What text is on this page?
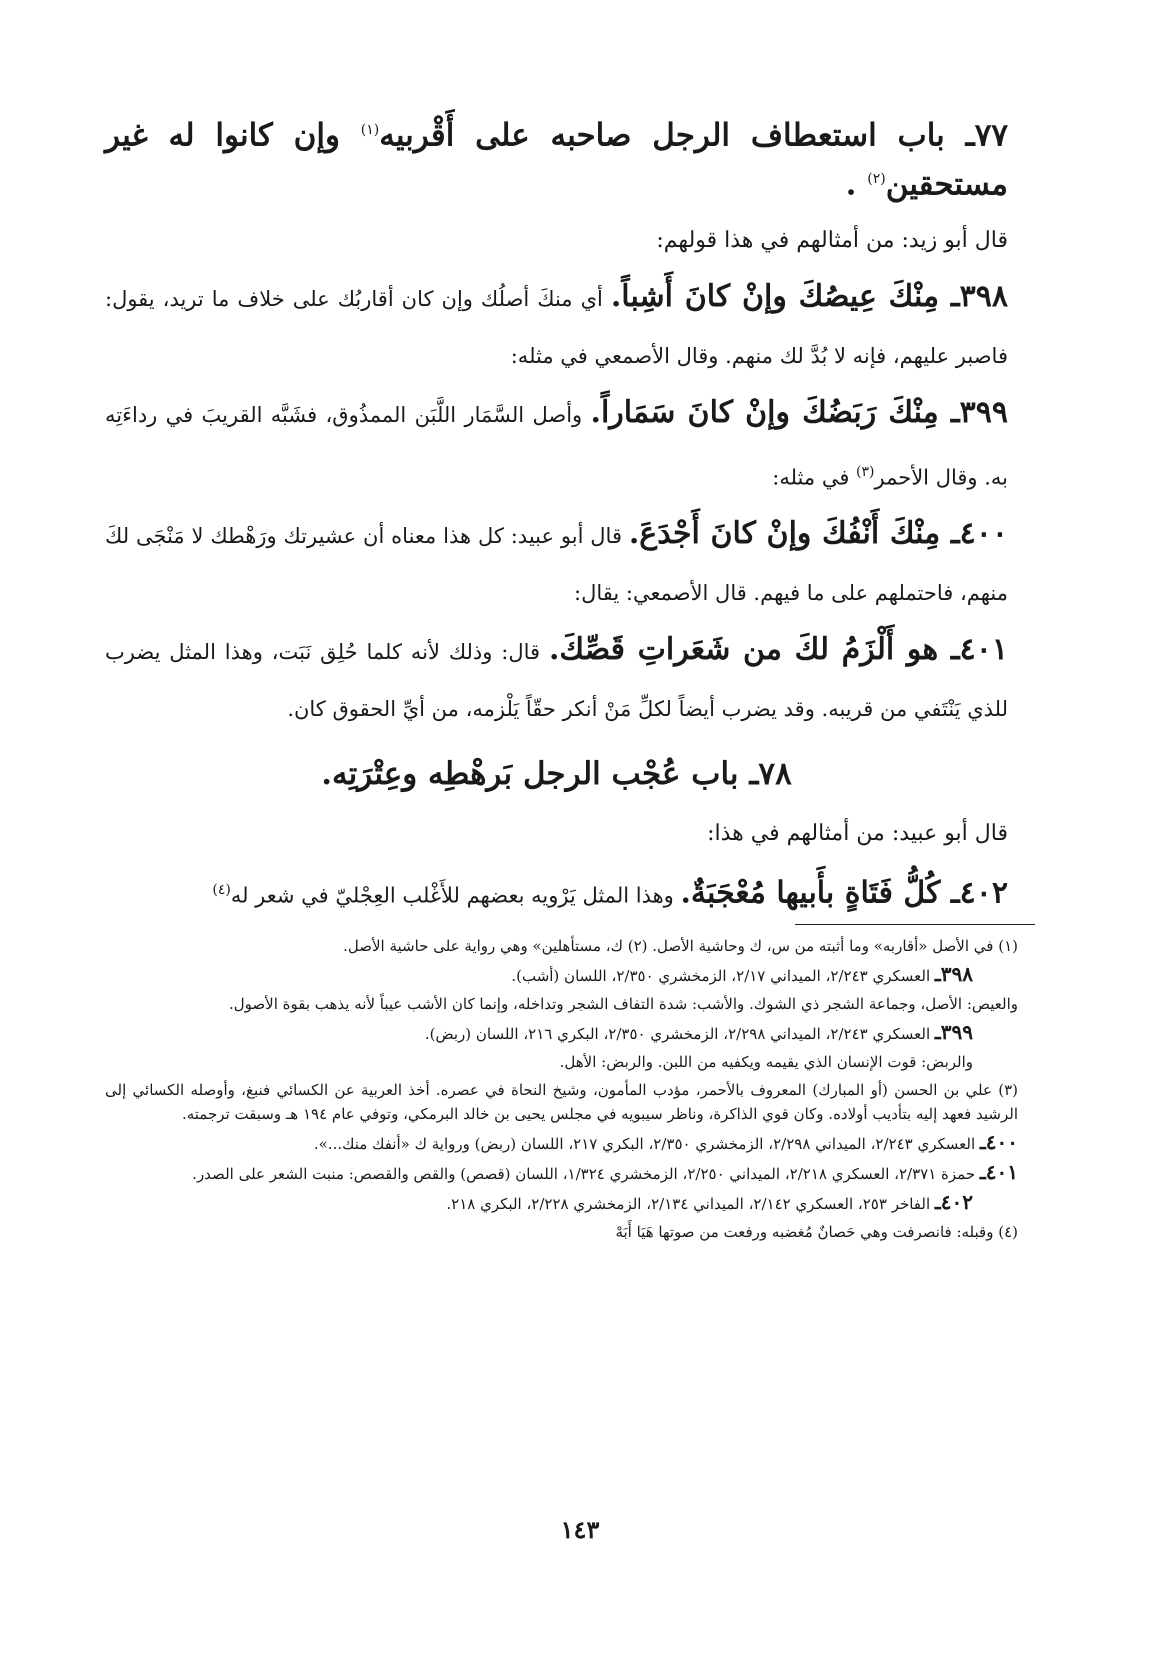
٧٧ـ باب استعطاف الرجل صاحبه على أَقْربيه$^{(١)}$ وإن كانوا له غير مستحقين$^{(٢)}$ .
قال أبو زيد: من أمثالهم في هذا قولهم:
٣٩٨ـ مِنْكَ عِيصُكَ وإنْ كانَ أَشِباً. أي منكَ أصلُك وإن كان أقاربُك على خلاف ما تريد، يقول: فاصبر عليهم، فإنه لا بُدَّ لك منهم. وقال الأصمعي في مثله:
٣٩٩ـ مِنْكَ رَبَضُكَ وإنْ كانَ سَمَاراً. وأصل السَّمَار اللَّبَن الممذُوق، فشَبَّه القريبَ في رداءَتِه به. وقال الأحمر$^{(٣)}$ في مثله:
٤٠٠ـ مِنْكَ أَنْفُكَ وإنْ كانَ أَجْدَعَ. قال أبو عبيد: كل هذا معناه أن عشيرتك ورَهْطك لا مَنْجَى لكَ منهم، فاحتملهم على ما فيهم. قال الأصمعي: يقال:
٤٠١ـ هو أَلْزَمُ لكَ من شَعَراتِ قَصِّكَ. قال: وذلك لأنه كلما حُلِق نَبَت، وهذا المثل يضرب للذي يَنْتَفي من قريبه. وقد يضرب أيضاً لكلِّ مَنْ أنكر حقّاً يَلْزمه، من أيِّ الحقوق كان.
٧٨ـ باب عُجْب الرجل بَرهْطِه وعِتْرَتِه.
قال أبو عبيد: من أمثالهم في هذا:
٤٠٢ـ كُلُّ فَتَاةٍ بأَبيها مُعْجَبَةٌ. وهذا المثل يَرْويه بعضهم للأَغْلب العِجْليّ في شعر له$^{(٤)}$
(١) في الأصل «أقاربه» وما أثبته من س، ك وحاشية الأصل. (٢) ك، مستأهلين» وهي رواية على حاشية الأصل.
٣٩٨ـ العسكري ٢/٢٤٣، الميداني ٢/١٧، الزمخشري ٢/٣٥٠، اللسان (أشب).
والعيص: الأصل، وجماعة الشجر ذي الشوك. والأشب: شدة التفاف الشجر وتداخله، وإنما كان الأشب عيباً لأنه يذهب بقوة الأصول.
٣٩٩ـ العسكري ٢/٢٤٣، الميداني ٢/٢٩٨، الزمخشري ٢/٣٥٠، البكري ٢١٦، اللسان (ربض).
والربض: قوت الإنسان الذي يقيمه ويكفيه من اللبن. والربض: الأهل.
(٣) علي بن الحسن (أو المبارك) المعروف بالأحمر، مؤدب المأمون، وشيخ النحاة في عصره. أخذ العربية عن الكسائي فنبغ، وأوصله الكسائي إلى الرشيد فعهد إليه بتأديب أولاده. وكان قوي الذاكرة، وناظر سيبويه في مجلس يحيى بن خالد البرمكي، وتوفي عام ١٩٤ هـ وسبقت ترجمته.
٤٠٠ـ العسكري ٢/٢٤٣، الميداني ٢/٢٩٨، الزمخشري ٢/٣٥٠، البكري ٢١٧، اللسان (ربض) ورواية ك «أنفك منك...».
٤٠١ـ حمزة ٢/٣٧١، العسكري ٢/٢١٨، الميداني ٢/٢٥٠، الزمخشري ١/٣٢٤، اللسان (قصص) والقص والقصص: منبت الشعر على الصدر.
٤٠٢ـ الفاخر ٢٥٣، العسكري ٢/١٤٢، الميداني ٢/١٣٤، الزمخشري ٢/٢٢٨، البكري ٢١٨.
(٤) وقبله: فانصرفت وهي حَصانٌ مُغضبه ورفعت من صوتها هَيَا أَبَهْ
١٤٣
